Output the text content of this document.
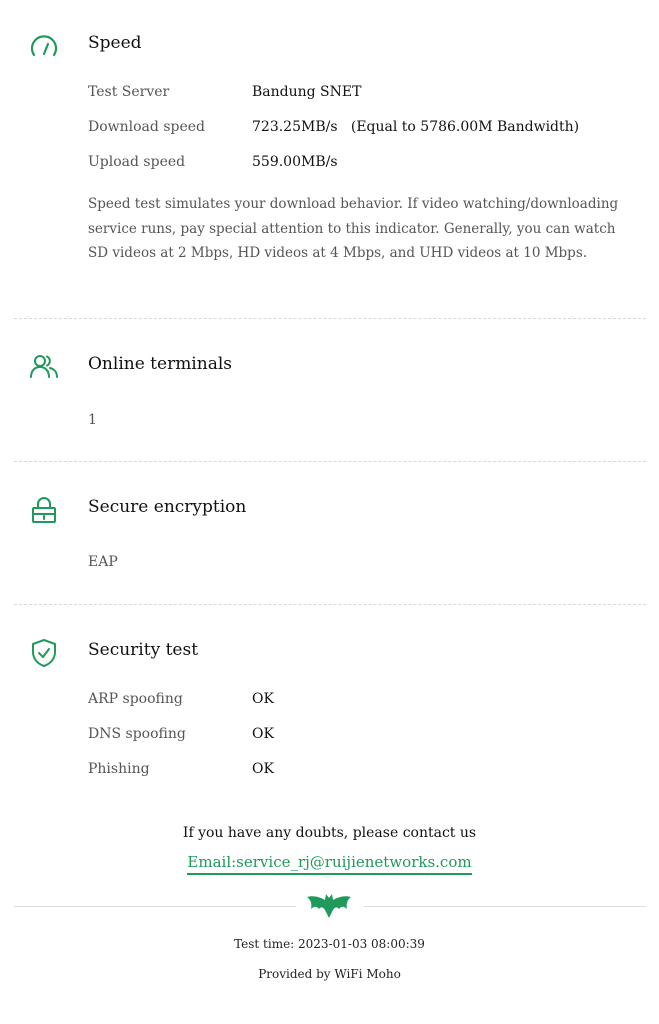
Speed
Test Server	Bandung SNET
Download speed	723.25MB/s   (Equal to 5786.00M Bandwidth)
Upload speed	559.00MB/s
Speed test simulates your download behavior. If video watching/downloading service runs, pay special attention to this indicator. Generally, you can watch SD videos at 2 Mbps, HD videos at 4 Mbps, and UHD videos at 10 Mbps.
Online terminals
1
Secure encryption
EAP
Security test
ARP spoofing	OK
DNS spoofing	OK
Phishing	OK
If you have any doubts, please contact us
Email:service_rj@ruijienetworks.com
Test time: 2023-01-03 08:00:39
Provided by WiFi Moho
